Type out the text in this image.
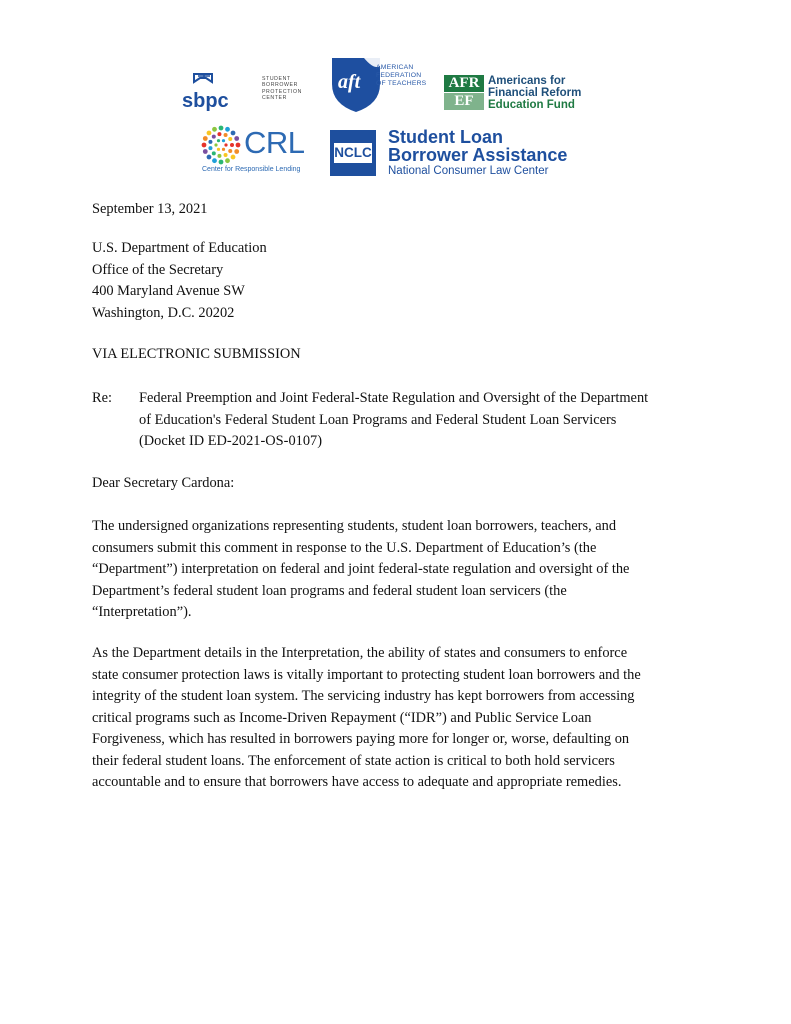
sbpc
STUDENT
BORROWER
PROTECTION
CENTER
aft
AMERICAN
FEDERATION
OF TEACHERS	AFR
EF
Americans for
Financial Reform
Education Fund
CRL
Center for Responsible Lending
NCLC
Student Loan
Borrower Assistance
National Consumer Law Center
September 13, 2021
U.S. Department of Education
Office of the Secretary
400 Maryland Avenue SW
Washington, D.C. 20202
VIA ELECTRONIC SUBMISSION
Re: Federal Preemption and Joint Federal-State Regulation and Oversight of the Department
of Education's Federal Student Loan Programs and Federal Student Loan Servicers
(Docket ID ED-2021-OS-0107)
Dear Secretary Cardona:
The undersigned organizations representing students, student loan borrowers, teachers, and
consumers submit this comment in response to the U.S. Department of Education’s (the
“Department”) interpretation on federal and joint federal-state regulation and oversight of the
Department’s federal student loan programs and federal student loan servicers (the
“Interpretation”).
As the Department details in the Interpretation, the ability of states and consumers to enforce
state consumer protection laws is vitally important to protecting student loan borrowers and the
integrity of the student loan system. The servicing industry has kept borrowers from accessing
critical programs such as Income-Driven Repayment (“IDR”) and Public Service Loan
Forgiveness, which has resulted in borrowers paying more for longer or, worse, defaulting on
their federal student loans. The enforcement of state action is critical to both hold servicers
accountable and to ensure that borrowers have access to adequate and appropriate remedies.
